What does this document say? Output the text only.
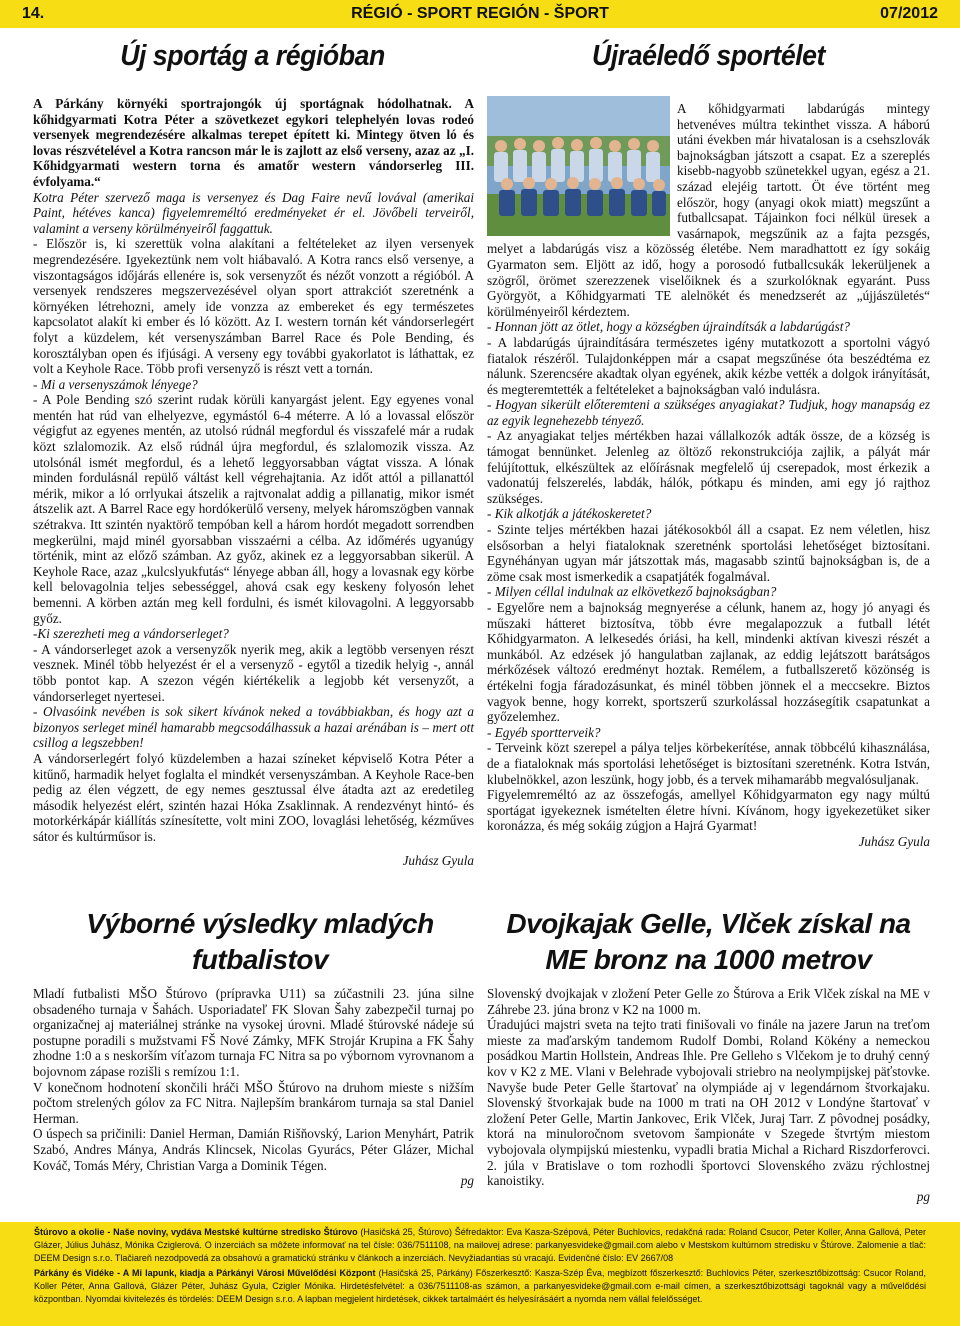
14.	RÉGIÓ - SPORT REGIÓN - ŠPORT	07/2012
Új sportág a régióban	Újraéledő sportélet

A Párkány környéki sportrajongók új sportágnak hódolhatnak. A kőhidgyarmati Kotra Péter a szövetkezet egykori telephelyén lovas rodeó versenyek megrendezésére alkalmas terepet épített ki. Mintegy ötven ló és lovas részvételével a Kotra rancson már le is zajlott az első verseny, azaz az „I. Kőhidgyarmati western torna és amatőr western vándorserleg III. évfolyama.“

Kotra Péter szervező maga is versenyez és Dag Faire nevű lovával (amerikai Paint, hétéves kanca) figyelemreméltó eredményeket ér el. Jövőbeli terveiről, valamint a verseny körülményeiről faggattuk.

- Először is, ki szerettük volna alakítani a feltételeket az ilyen versenyek megrendezésére. Igyekeztünk nem volt hiábavaló. A Kotra rancs első versenye, a viszontagságos időjárás ellenére is, sok versenyzőt és nézőt vonzott a régióból. A versenyek rendszeres megszervezésével olyan sport attrakciót szeretnénk a környéken létrehozni, amely ide vonzza az embereket és egy természetes kapcsolatot alakít ki ember és ló között. Az I. western tornán két vándorserlegért folyt a küzdelem, két versenyszámban Barrel Race és Pole Bending, és korosztályban open és ifjúsági. A verseny egy további gyakorlatot is láthattak, ez volt a Keyhole Race. Több profi versenyző is részt vett a tornán.

- Mi a versenyszámok lényege?

- A Pole Bending szó szerint rudak körüli kanyargást jelent. Egy egyenes vonal mentén hat rúd van elhelyezve, egymástól 6-4 méterre. A ló a lovassal először végigfut az egyenes mentén, az utolsó rúdnál megfordul és visszafelé már a rudak közt szlalomozik. Az első rúdnál újra megfordul, és szlalomozik vissza. Az utolsónál ismét megfordul, és a lehető leggyorsabban vágtat vissza. A lónak minden fordulásnál repülő váltást kell végrehajtania. Az időt attól a pillanattól mérik, mikor a ló orrlyukai átszelik a rajtvonalat addig a pillanatig, mikor ismét átszelik azt. A Barrel Race egy hordókerülő verseny, melyek háromszögben vannak szétrakva. Itt szintén nyaktörő tempóban kell a három hordót megadott sorrendben megkerülni, majd minél gyorsabban visszaérni a célba. Az időmérés ugyanúgy történik, mint az előző számban. Az győz, akinek ez a leggyorsabban sikerül. A Keyhole Race, azaz „kulcslyukfutás“ lényege abban áll, hogy a lovasnak egy körbe kell belovagolnia teljes sebességgel, ahová csak egy keskeny folyosón lehet bemenni. A körben aztán meg kell fordulni, és ismét kilovagolni. A leggyorsabb győz.

-Ki szerezheti meg a vándorserleget?

- A vándorserleget azok a versenyzők nyerik meg, akik a legtöbb versenyen részt vesznek. Minél több helyezést ér el a versenyző - egytől a tizedik helyig -, annál több pontot kap. A szezon végén kiértékelik a legjobb két versenyzőt, a vándorserleget nyertesei.

- Olvasóink nevében is sok sikert kívánok neked a továbbiakban, és hogy azt a bizonyos serleget minél hamarabb megcsodálhassuk a hazai arénában is – mert ott csillog a legszebben!

A vándorserlegért folyó küzdelemben a hazai színeket képviselő Kotra Péter a kitűnő, harmadik helyet foglalta el mindkét versenyszámban. A Keyhole Race-ben pedig az élen végzett, de egy nemes gesztussal élve átadta azt az eredetileg második helyezést elért, szintén hazai Hóka Zsaklinnak. A rendezvényt hintó- és motorkérkápár kiállítás színesítette, volt mini ZOO, lovaglási lehetőség, kézműves sátor és kultúrműsor is.

Juhász Gyula

A kőhidgyarmati labdarúgás mintegy hetvenéves múltra tekinthet vissza. A háború utáni években már hivatalosan is a csehszlovák bajnokságban játszott a csapat. Ez a szereplés kisebb-nagyobb szünetekkel ugyan, egész a 21. század elejéig tartott. Öt éve történt meg először, hogy (anyagi okok miatt) megszűnt a futballcsapat. Tájainkon foci nélkül üresek a vasárnapok, megszűnik az a fajta pezsgés, melyet a labdarúgás visz a közösség életébe. Nem maradhattott ez így sokáig Gyarmaton sem. Eljött az idő, hogy a porosodó futballcsukák lekerüljenek a szögről, örömet szerezzenek viselőiknek és a szurkolóknak egyaránt. Puss Györgyöt, a Kőhidgyarmati TE alelnökét és menedzserét az „újjászületés“ körülményeiről kérdeztem.

- Honnan jött az ötlet, hogy a községben újraindítsák a labdarúgást?

- A labdarúgás újraindítására természetes igény mutatkozott a sportolni vágyó fiatalok részéről. Tulajdonképpen már a csapat megszűnése óta beszédtéma ez nálunk. Szerencsére akadtak olyan egyének, akik kézbe vették a dolgok irányítását, és megteremtették a feltételeket a bajnokságban való indulásra.

- Hogyan sikerült előteremteni a szükséges anyagiakat? Tudjuk, hogy manapság ez az egyik legnehezebb tényező.

- Az anyagiakat teljes mértékben hazai vállalkozók adták össze, de a község is támogat bennünket. Jelenleg az öltöző rekonstrukciója zajlik, a pályát már felújítottuk, elkészültek az előírásnak megfelelő új cserepadok, most érkezik a vadonatúj felszerelés, labdák, hálók, pótkapu és minden, ami egy jó rajthoz szükséges.

- Kik alkotják a játékoskeretet?

- Szinte teljes mértékben hazai játékosokból áll a csapat. Ez nem véletlen, hisz elsősorban a helyi fiataloknak szeretnénk sportolási lehetőséget biztosítani. Egynéhányan ugyan már játszottak más, magasabb szintű bajnokságban is, de a zöme csak most ismerkedik a csapatjáték fogalmával.

- Milyen céllal indulnak az elkövetkező bajnokságban?

- Egyelőre nem a bajnokság megnyerése a célunk, hanem az, hogy jó anyagi és műszaki hátteret biztosítva, több évre megalapozzuk a futball létét Kőhidgyarmaton. A lelkesedés óriási, ha kell, mindenki aktívan kiveszi részét a munkából. Az edzések jó hangulatban zajlanak, az eddig lejátszott barátságos mérkőzések változó eredményt hoztak. Remélem, a futballszerető közönség is értékelni fogja fáradozásunkat, és minél többen jönnek el a meccsekre. Biztos vagyok benne, hogy korrekt, sportszerű szurkolással hozzásegítik csapatunkat a győzelemhez.

- Egyéb sportterveik?

- Terveink közt szerepel a pálya teljes körbekerítése, annak többcélú kihasználása, de a fiataloknak más sportolási lehetőséget is biztosítani szeretnénk. Kotra István, klubelnökkel, azon leszünk, hogy jobb, és a tervek mihamarább megvalósuljanak.

Figyelemreméltó az az összefogás, amellyel Kőhidgyarmaton egy nagy múltú sportágat igyekeznek ismételten életre hívni. Kívánom, hogy igyekezetüket siker koronázza, és még sokáig zúgjon a Hajrá Gyarmat!

Juhász Gyula

Výborné výsledky mladých futbalistov

Mladí futbalisti MŠO Štúrovo (prípravka U11) sa zúčastnili 23. júna silne obsadeného turnaja v Šahách. Usporiadateľ FK Slovan Šahy zabezpečil turnaj po organizačnej aj materiálnej stránke na vysokej úrovni. Mladé štúrovské nádeje sú postupne poradili s mužstvami FŠ Nové Zámky, MFK Strojár Krupina a FK Šahy zhodne 1:0 a s neskorším víťazom turnaja FC Nitra sa po výbornom vyrovnanom a bojovnom zápase rozišli s remízou 1:1.

V konečnom hodnotení skončili hráči MŠO Štúrovo na druhom mieste s nižším počtom strelených gólov za FC Nitra. Najlepším brankárom turnaja sa stal Daniel Herman.

O úspech sa pričinili: Daniel Herman, Damián Rišňovský, Larion Menyhárt, Patrik Szabó, Andres Mánya, András Klincsek, Nicolas Gyurács, Péter Glázer, Michal Kováč, Tomás Méry, Christian Varga a Dominik Tégen.

pg

Dvojkajak Gelle, Vlček získal na ME bronz na 1000 metrov

Slovenský dvojkajak v zložení Peter Gelle zo Štúrova a Erik Vlček získal na ME v Záhrebe 23. júna bronz v K2 na 1000 m.

Úradujúci majstri sveta na tejto trati finišovali vo finále na jazere Jarun na treťom mieste za maďarským tandemom Rudolf Dombi, Roland Kökény a nemeckou posádkou Martin Hollstein, Andreas Ihle. Pre Gelleho s Vlčekom je to druhý cenný kov v K2 z ME. Vlani v Belehrade vybojovali striebro na neolympijskej päťstovke. Navyše bude Peter Gelle štartovať na olympiáde aj v legendárnom štvorkajaku. Slovenský štvorkajak bude na 1000 m trati na OH 2012 v Londýne štartovať v zložení Peter Gelle, Martin Jankovec, Erik Vlček, Juraj Tarr. Z pôvodnej posádky, ktorá na minuloročnom svetovom šampionáte v Szegede štvrtým miestom vybojovala olympijskú miestenku, vypadli bratia Michal a Richard Riszdorferovci. 2. júla v Bratislave o tom rozhodli športovci Slovenského zväzu rýchlostnej kanoistiky.

pg

Štúrovo a okolie - Naše noviny, vydáva Mestské kultúrne stredisko Štúrovo (Hasičská 25, Štúrovo) Šéfredaktor: Eva Kasza-Szépová, Péter Buchlovics, redakčná rada: Roland Csucor, Peter Koller, Anna Gallová, Peter Glázer, Július Juhász, Mónika Cziglerová. O inzerciách sa môžete informovať na tel čísle: 036/7511108, na mailovej adrese: parkanyesvideke@gmail.com alebo v Mestskom kultúrnom stredisku v Štúrove. Zalomenie a tlač: DEEM Design s.r.o. Tlačiareň nezodpovedá za obsahovú a gramatickú stránku v článkoch a inzerciách. Nevyžiadantias sú vracajú. Evidenčné číslo: EV 2667/08

Párkány és Vidéke - A Mi lapunk, kiadja a Párkányi Városi Művelődési Központ (Hasičská 25, Párkány) Főszerkesztő: Kasza-Szép Éva, megbízott főszerkesztő: Buchlovics Péter, szerkesztőbizottság: Csucor Roland, Koller Péter, Anna Gallová, Glázer Péter, Juhász Gyula, Czigler Mónika. Hirdetésfelvétel: a 036/7511108-as számon, a parkanyesvideke@gmail.com e-mail címen, a szerkesztőbizottsági tagoknál vagy a művelődési központban. Nyomdai kivitelezés és tördelés: DEEM Design s.r.o. A lapban megjelent hirdetések, cikkek tartalmáért és helyesírásáért a nyomda nem vállal felelősséget.
